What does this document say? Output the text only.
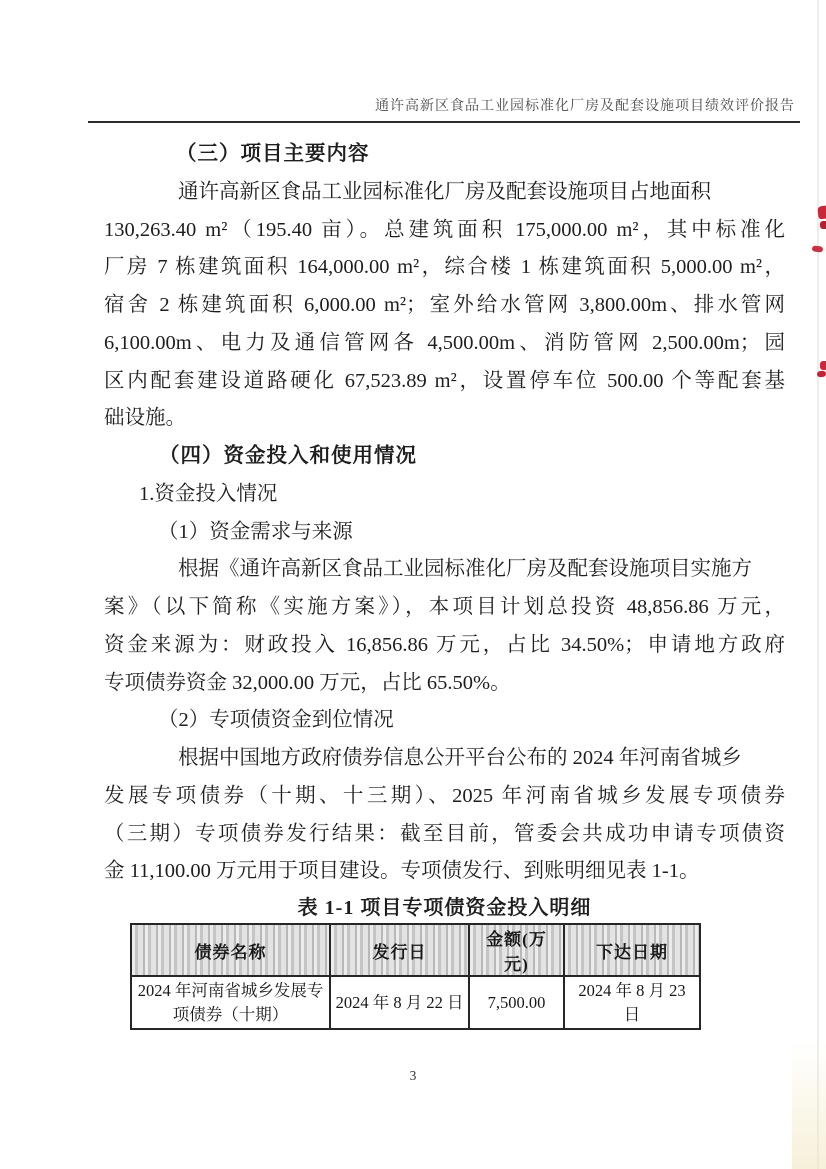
通许高新区食品工业园标准化厂房及配套设施项目绩效评价报告
（三）项目主要内容
通许高新区食品工业园标准化厂房及配套设施项目占地面积
130,263.40 m²（195.40 亩）。总建筑面积 175,000.00 m²，其中标准化
厂房 7 栋建筑面积 164,000.00 m²，综合楼 1 栋建筑面积 5,000.00 m²，
宿舍 2 栋建筑面积 6,000.00 m²；室外给水管网 3,800.00m、排水管网
6,100.00m、电力及通信管网各 4,500.00m、消防管网 2,500.00m；园
区内配套建设道路硬化 67,523.89 m²，设置停车位 500.00 个等配套基
础设施。
（四）资金投入和使用情况
1.资金投入情况
（1）资金需求与来源
根据《通许高新区食品工业园标准化厂房及配套设施项目实施方
案》（以下简称《实施方案》），本项目计划总投资 48,856.86 万元，
资金来源为：财政投入 16,856.86 万元，占比 34.50%；申请地方政府
专项债券资金 32,000.00 万元，占比 65.50%。
（2）专项债资金到位情况
根据中国地方政府债券信息公开平台公布的 2024 年河南省城乡
发展专项债券（十期、十三期）、2025 年河南省城乡发展专项债券
（三期）专项债券发行结果：截至目前，管委会共成功申请专项债资
金 11,100.00 万元用于项目建设。专项债发行、到账明细见表 1-1。
表 1-1 项目专项债资金投入明细
债券名称	发行日	金额(万元)	下达日期
2024 年河南省城乡发展专项债券（十期）	2024 年 8 月 22 日	7,500.00	2024 年 8 月 23 日
3
